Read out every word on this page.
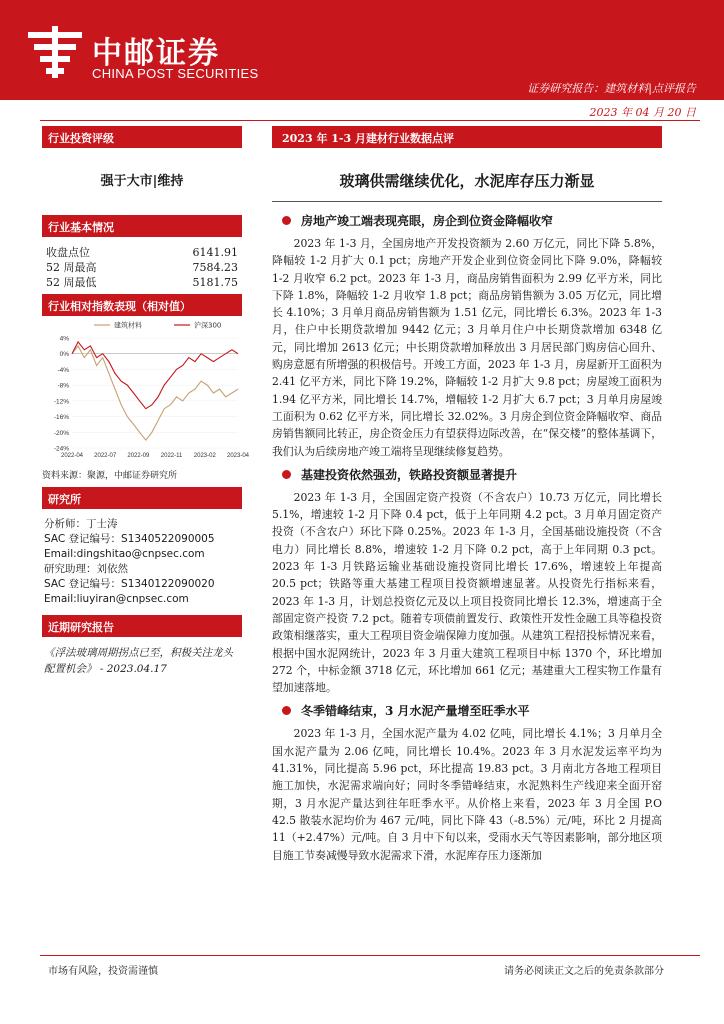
中邮证券
CHINA POST SECURITIES
证券研究报告：建筑材料|点评报告
2023 年 04 月 20 日
行业投资评级
强于大市|维持
行业基本情况
收盘点位	6141.91
52 周最高	7584.23
52 周最低	5181.75
行业相对指数表现（相对值）
4%
0%
-4%
-8%
-12%
-16%
-20%
-24%
2022-04 2022-07 2022-09 2022-11 2023-02 2023-04
建筑材料	沪深300
资料来源：聚源，中邮证券研究所
研究所
分析师：丁士涛
SAC 登记编号：S1340522090005
Email:dingshitao@cnpsec.com
研究助理：刘依然
SAC 登记编号：S1340122090020
Email:liuyiran@cnpsec.com
近期研究报告
《浮法玻璃周期拐点已至，积极关注龙头配置机会》 - 2023.04.17
2023 年 1-3 月建材行业数据点评
玻璃供需继续优化，水泥库存压力渐显
房地产竣工端表现亮眼，房企到位资金降幅收窄
2023 年 1-3 月，全国房地产开发投资额为 2.60 万亿元，同比下降 5.8%，降幅较 1-2 月扩大 0.1 pct；房地产开发企业到位资金同比下降 9.0%，降幅较 1-2 月收窄 6.2 pct。2023 年 1-3 月，商品房销售面积为 2.99 亿平方米，同比下降 1.8%，降幅较 1-2 月收窄 1.8 pct；商品房销售额为 3.05 万亿元，同比增长 4.10%；3 月单月商品房销售额为 1.51 亿元，同比增长 6.3%。2023 年 1-3 月，住户中长期贷款增加 9442 亿元；3 月单月住户中长期贷款增加 6348 亿元，同比增加 2613 亿元；中长期贷款增加释放出 3 月居民部门购房信心回升、购房意愿有所增强的积极信号。开竣工方面，2023 年 1-3 月，房屋新开工面积为 2.41 亿平方米，同比下降 19.2%，降幅较 1-2 月扩大 9.8 pct；房屋竣工面积为 1.94 亿平方米，同比增长 14.7%，增幅较 1-2 月扩大 6.7 pct；3 月单月房屋竣工面积为 0.62 亿平方米，同比增长 32.02%。3 月房企到位资金降幅收窄、商品房销售额同比转正，房企资金压力有望获得边际改善，在“保交楼”的整体基调下，我们认为后续房地产竣工端将呈现继续修复趋势。
基建投资依然强劲，铁路投资额显著提升
2023 年 1-3 月，全国固定资产投资（不含农户）10.73 万亿元，同比增长 5.1%，增速较 1-2 月下降 0.4 pct，低于上年同期 4.2 pct。3 月单月固定资产投资（不含农户）环比下降 0.25%。2023 年 1-3 月，全国基础设施投资（不含电力）同比增长 8.8%，增速较 1-2 月下降 0.2 pct，高于上年同期 0.3 pct。2023 年 1-3 月铁路运输业基础设施投资同比增长 17.6%，增速较上年提高 20.5 pct；铁路等重大基建工程项目投资额增速显著。从投资先行指标来看，2023 年 1-3 月，计划总投资亿元及以上项目投资同比增长 12.3%，增速高于全部固定资产投资 7.2 pct。随着专项债前置发行、政策性开发性金融工具等稳投资政策相继落实，重大工程项目资金端保障力度加强。从建筑工程招投标情况来看，根据中国水泥网统计，2023 年 3 月重大建筑工程项目中标 1370 个，环比增加 272 个，中标金额 3718 亿元，环比增加 661 亿元；基建重大工程实物工作量有望加速落地。
冬季错峰结束，3 月水泥产量增至旺季水平
2023 年 1-3 月，全国水泥产量为 4.02 亿吨，同比增长 4.1%；3 月单月全国水泥产量为 2.06 亿吨，同比增长 10.4%。2023 年 3 月水泥发运率平均为 41.31%，同比提高 5.96 pct，环比提高 19.83 pct。3 月南北方各地工程项目施工加快，水泥需求端向好；同时冬季错峰结束，水泥熟料生产线迎来全面开窑期，3 月水泥产量达到往年旺季水平。从价格上来看，2023 年 3 月全国 P.O 42.5 散装水泥均价为 467 元/吨，同比下降 43（-8.5%）元/吨，环比 2 月提高 11（+2.47%）元/吨。自 3 月中下旬以来，受雨水天气等因素影响，部分地区项目施工节奏减慢导致水泥需求下滑，水泥库存压力逐渐加
市场有风险，投资需谨慎	请务必阅读正文之后的免责条款部分
